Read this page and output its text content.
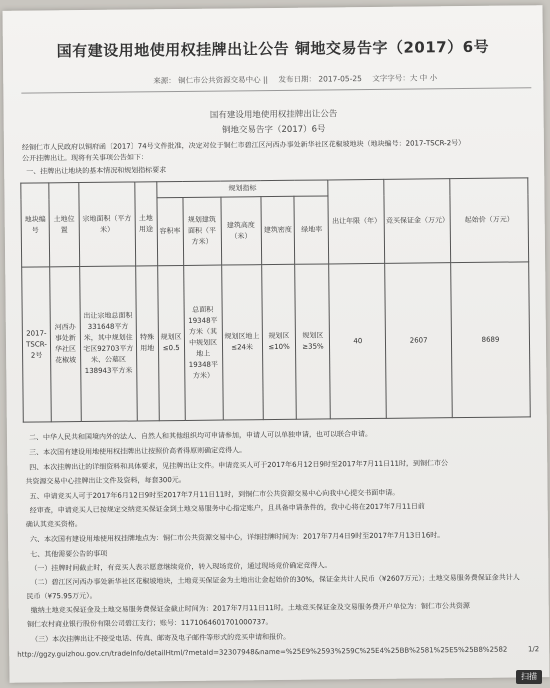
国有建设用地使用权挂牌出让公告 铜地交易告字（2017）6号
来源： 铜仁市公共资源交易中心 || 发布日期： 2017-05-25 文字字号：大 中 小
国有建设用地使用权挂牌出让公告
铜地交易告字（2017）6号
经铜仁市人民政府以铜府函〔2017〕74号文件批准，决定对位于铜仁市碧江区河西办事处新华社区花椒坡地块（地块编号：2017-TSCR-2号）
公开挂牌出让。现将有关事项公告如下：
一、挂牌出让地块的基本情况和规划指标要求
地块编号	土地位置	宗地面积（平方米）	土地用途	规划指标					出让年限（年）	竞买保证金（万元）	起始价（万元）
				容积率	规划建筑面积（平方米）	建筑高度（米）	建筑密度	绿地率			
2017-TSCR-2号	河西办事处新华社区花椒坡	出让宗地总面积331648平方米，其中规划住宅区92703平方米、公墓区138943平方米	特殊用地	规划区≤0.5	总面积19348平方米（其中规划区地上19348平方米）	规划区地上≤24米	规划区≤10%	规划区≥35%	40	2607	8689
二、中华人民共和国境内外的法人、自然人和其他组织均可申请参加，申请人可以单独申请，也可以联合申请。
三、本次国有建设用地使用权挂牌出让按照价高者得原则确定竞得人。
四、本次挂牌出让的详细资料和具体要求，见挂牌出让文件。申请竞买人可于2017年6月12日9时至2017年7月11日11时，到铜仁市公
共资源交易中心挂牌出让文件及资料，每套300元。
五、申请竞买人可于2017年6月12日9时至2017年7月11日11时，到铜仁市公共资源交易中心向我中心提交书面申请。
经审查，申请竞买人已按规定交纳竞买保证金到土地交易服务中心指定账户，且具备申请条件的，我中心将在2017年7月11日前
确认其竞买资格。
六、本次国有建设用地使用权挂牌地点为：铜仁市公共资源交易中心，详细挂牌时间为：2017年7月4日9时至2017年7月13日16时。
七、其他需要公告的事项
（一）挂牌时间截止时，有竞买人表示愿意继续竞价，转入现场竞价，通过现场竞价确定竞得人。
（二）碧江区河西办事处新华社区花椒坡地块，土地竞买保证金为土地出让金起始价的30%，保证金共计人民币（¥2607万元）；土地交易服务费保证金共计人
民币（¥75.95万元）。
缴纳土地竞买保证金及土地交易服务费保证金截止时间为：2017年7月11日11时。土地竞买保证金及交易服务费开户单位为：铜仁市公共资源
铜仁农村商业银行股份有限公司碧江支行；账号：1171064601701000737。
（三）本次挂牌出让不接受电话、传真、邮寄及电子邮件等形式的竞买申请和报价。
http://ggzy.guizhou.gov.cn/tradeInfo/detailHtml/?metaId=32307948&name=%25E9%2593%259C%25E4%25BB%2581%25E5%25B8%2582	1/2
扫描
